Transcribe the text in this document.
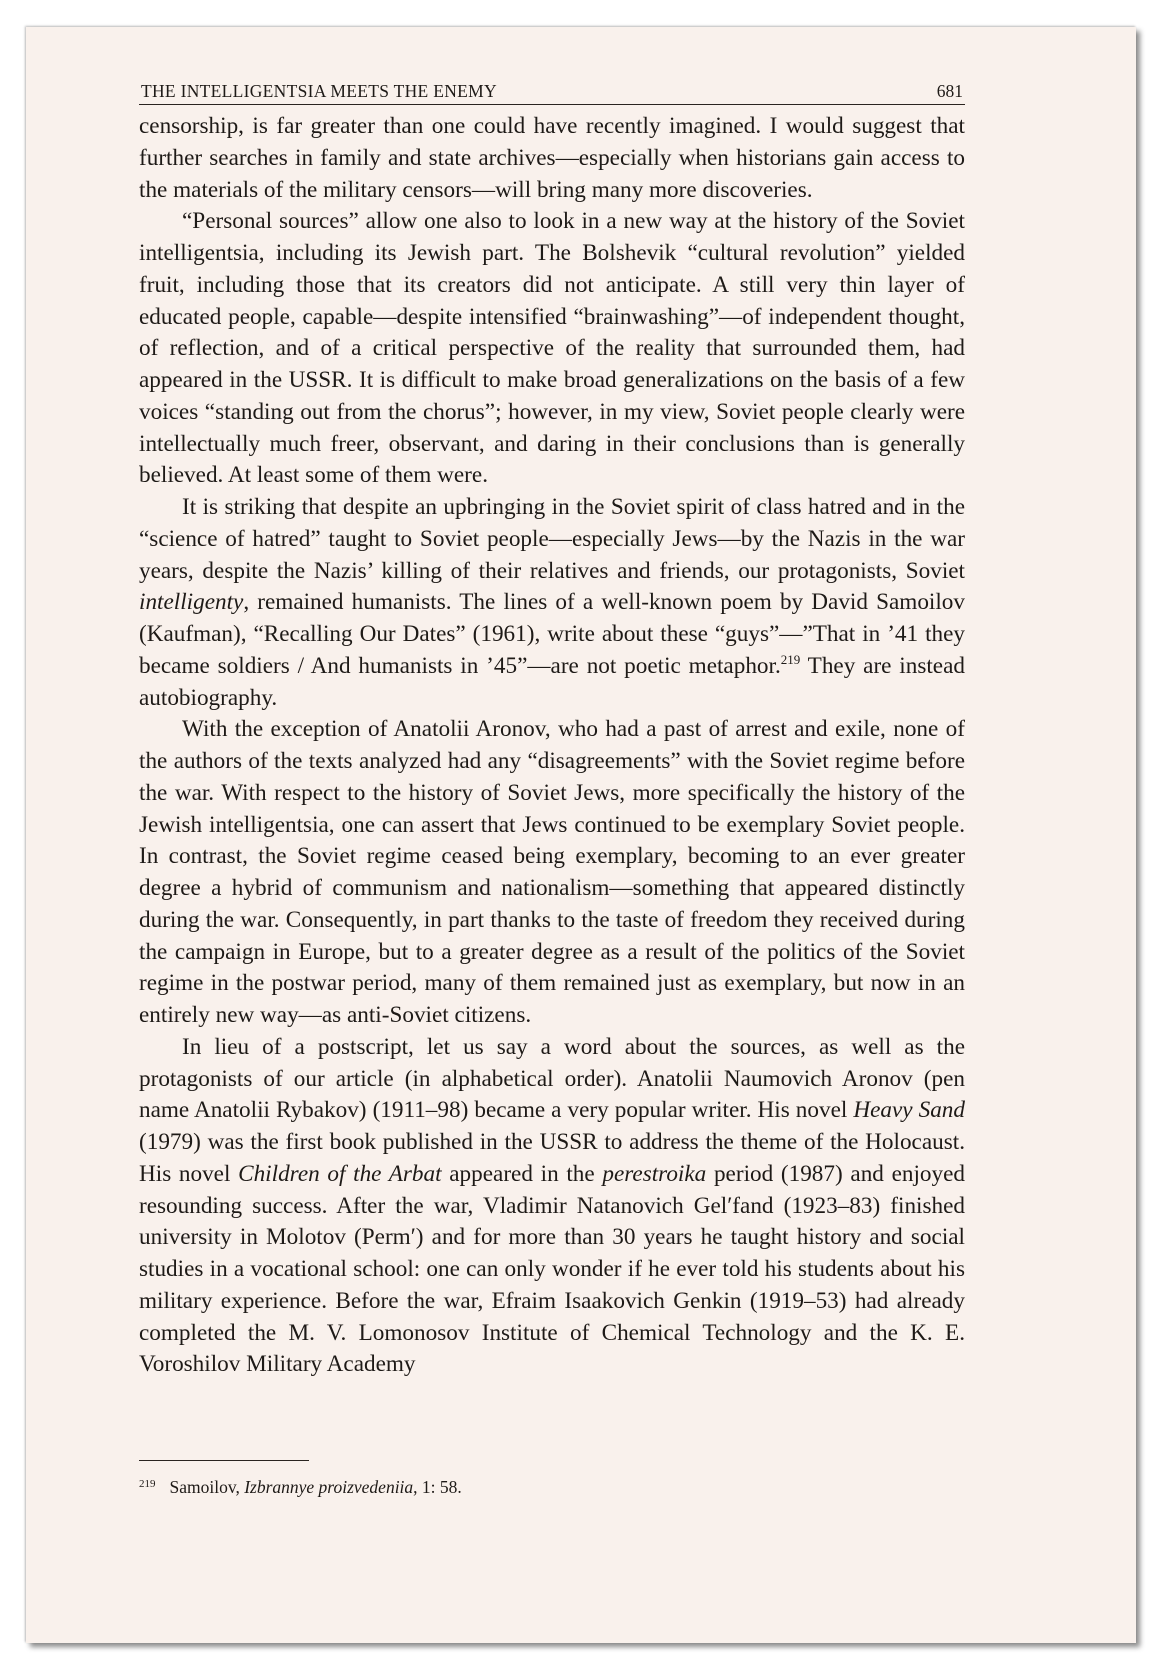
THE INTELLIGENTSIA MEETS THE ENEMY	681

censorship, is far greater than one could have recently imagined. I would suggest that further searches in family and state archives—especially when historians gain access to the materials of the military censors—will bring many more discoveries.

“Personal sources” allow one also to look in a new way at the history of the Soviet intelligentsia, including its Jewish part. The Bolshevik “cultural revolution” yielded fruit, including those that its creators did not anticipate. A still very thin layer of educated people, capable—despite intensified “brainwashing”—of independent thought, of reflection, and of a critical perspective of the reality that surrounded them, had appeared in the USSR. It is difficult to make broad generalizations on the basis of a few voices “standing out from the chorus”; however, in my view, Soviet people clearly were intellectually much freer, observant, and daring in their conclusions than is generally believed. At least some of them were.

It is striking that despite an upbringing in the Soviet spirit of class hatred and in the “science of hatred” taught to Soviet people—especially Jews—by the Nazis in the war years, despite the Nazis’ killing of their relatives and friends, our protagonists, Soviet intelligenty, remained humanists. The lines of a well-known poem by David Samoilov (Kaufman), “Recalling Our Dates” (1961), write about these “guys”—”That in ’41 they became soldiers / And humanists in ’45”—are not poetic metaphor.$^{219}$ They are instead autobiography.

With the exception of Anatolii Aronov, who had a past of arrest and exile, none of the authors of the texts analyzed had any “disagreements” with the Soviet regime before the war. With respect to the history of Soviet Jews, more specifically the history of the Jewish intelligentsia, one can assert that Jews continued to be exemplary Soviet people. In contrast, the Soviet regime ceased being exemplary, becoming to an ever greater degree a hybrid of communism and nationalism—something that appeared distinctly during the war. Consequently, in part thanks to the taste of freedom they received during the campaign in Europe, but to a greater degree as a result of the politics of the Soviet regime in the postwar period, many of them remained just as exemplary, but now in an entirely new way—as anti-Soviet citizens.

In lieu of a postscript, let us say a word about the sources, as well as the protagonists of our article (in alphabetical order). Anatolii Naumovich Aronov (pen name Anatolii Rybakov) (1911–98) became a very popular writer. His novel Heavy Sand (1979) was the first book published in the USSR to address the theme of the Holocaust. His novel Children of the Arbat appeared in the perestroika period (1987) and enjoyed resounding success. After the war, Vladimir Natanovich Gel′fand (1923–83) finished university in Molotov (Perm′) and for more than 30 years he taught history and social studies in a vocational school: one can only wonder if he ever told his students about his military experience. Before the war, Efraim Isaakovich Genkin (1919–53) had already completed the M. V. Lomonosov Institute of Chemical Technology and the K. E. Voroshilov Military Academy

$^{219}$ Samoilov, Izbrannye proizvedeniia, 1: 58.
